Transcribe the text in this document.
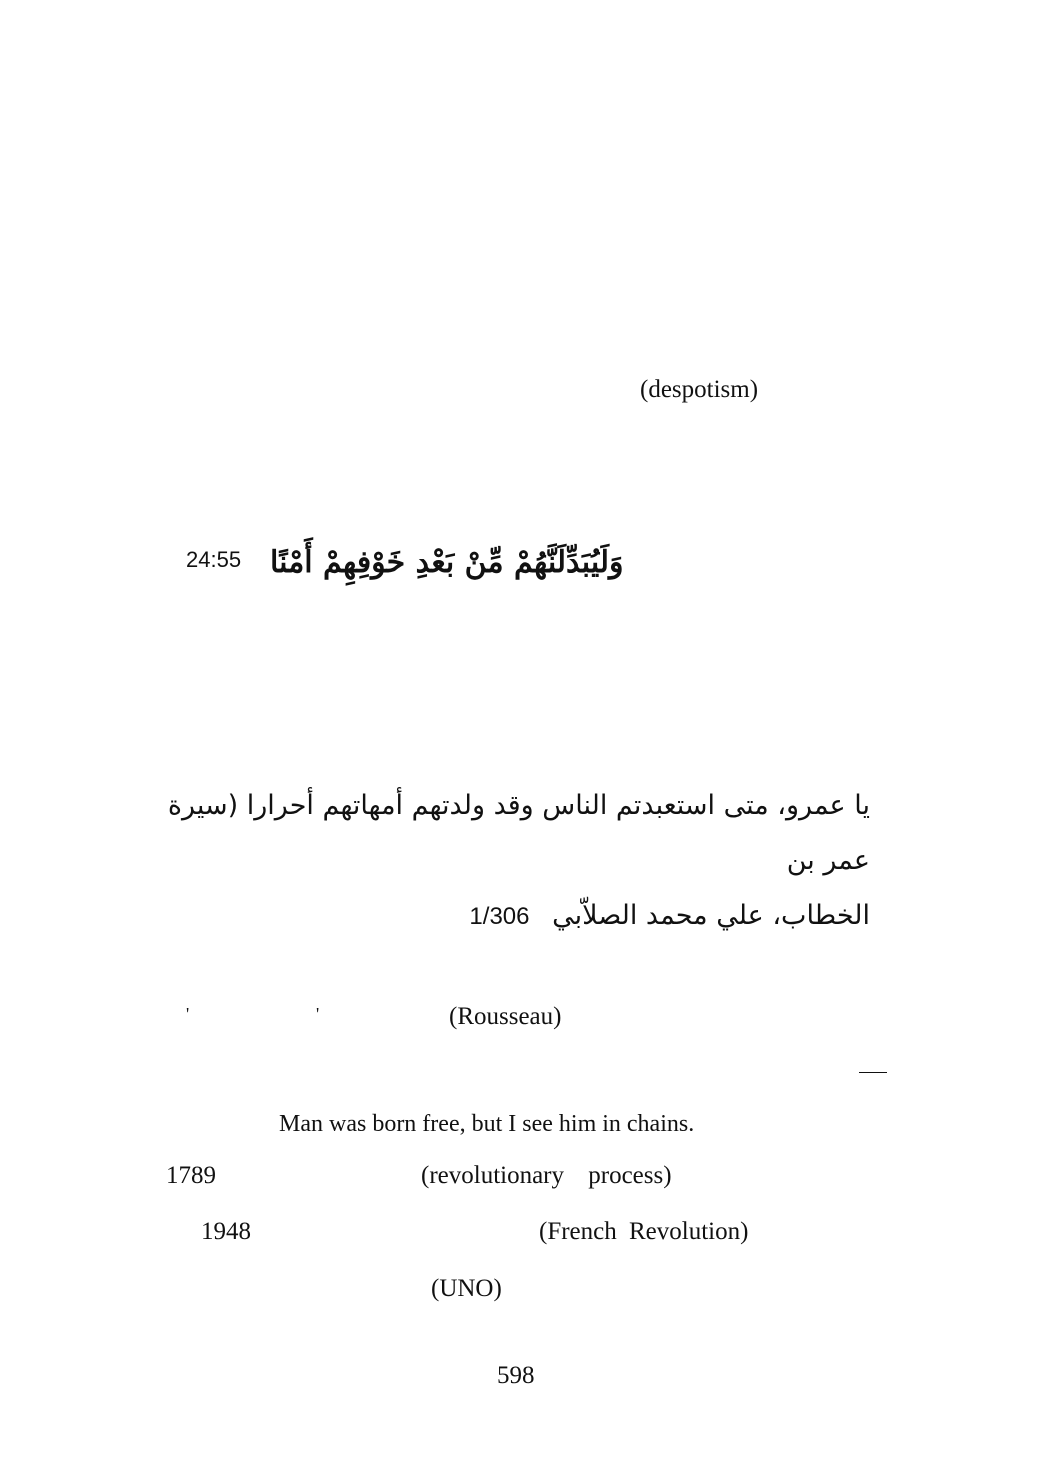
(despotism)
وَلَيُبَدِّلَنَّهُمْ مِّنْ بَعْدِ خَوْفِهِمْ أَمْنًا
24:55
يا عمرو، متى استعبدتم الناس وقد ولدتهم أمهاتهم أحرارا (سيرة عمر بن
الخطاب، علي محمد الصلاّبي 1/306
'	'	(Rousseau)
Man was born free, but I see him in chains.
1789	(revolutionary process)
1948	(French Revolution)
(UNO)
598
